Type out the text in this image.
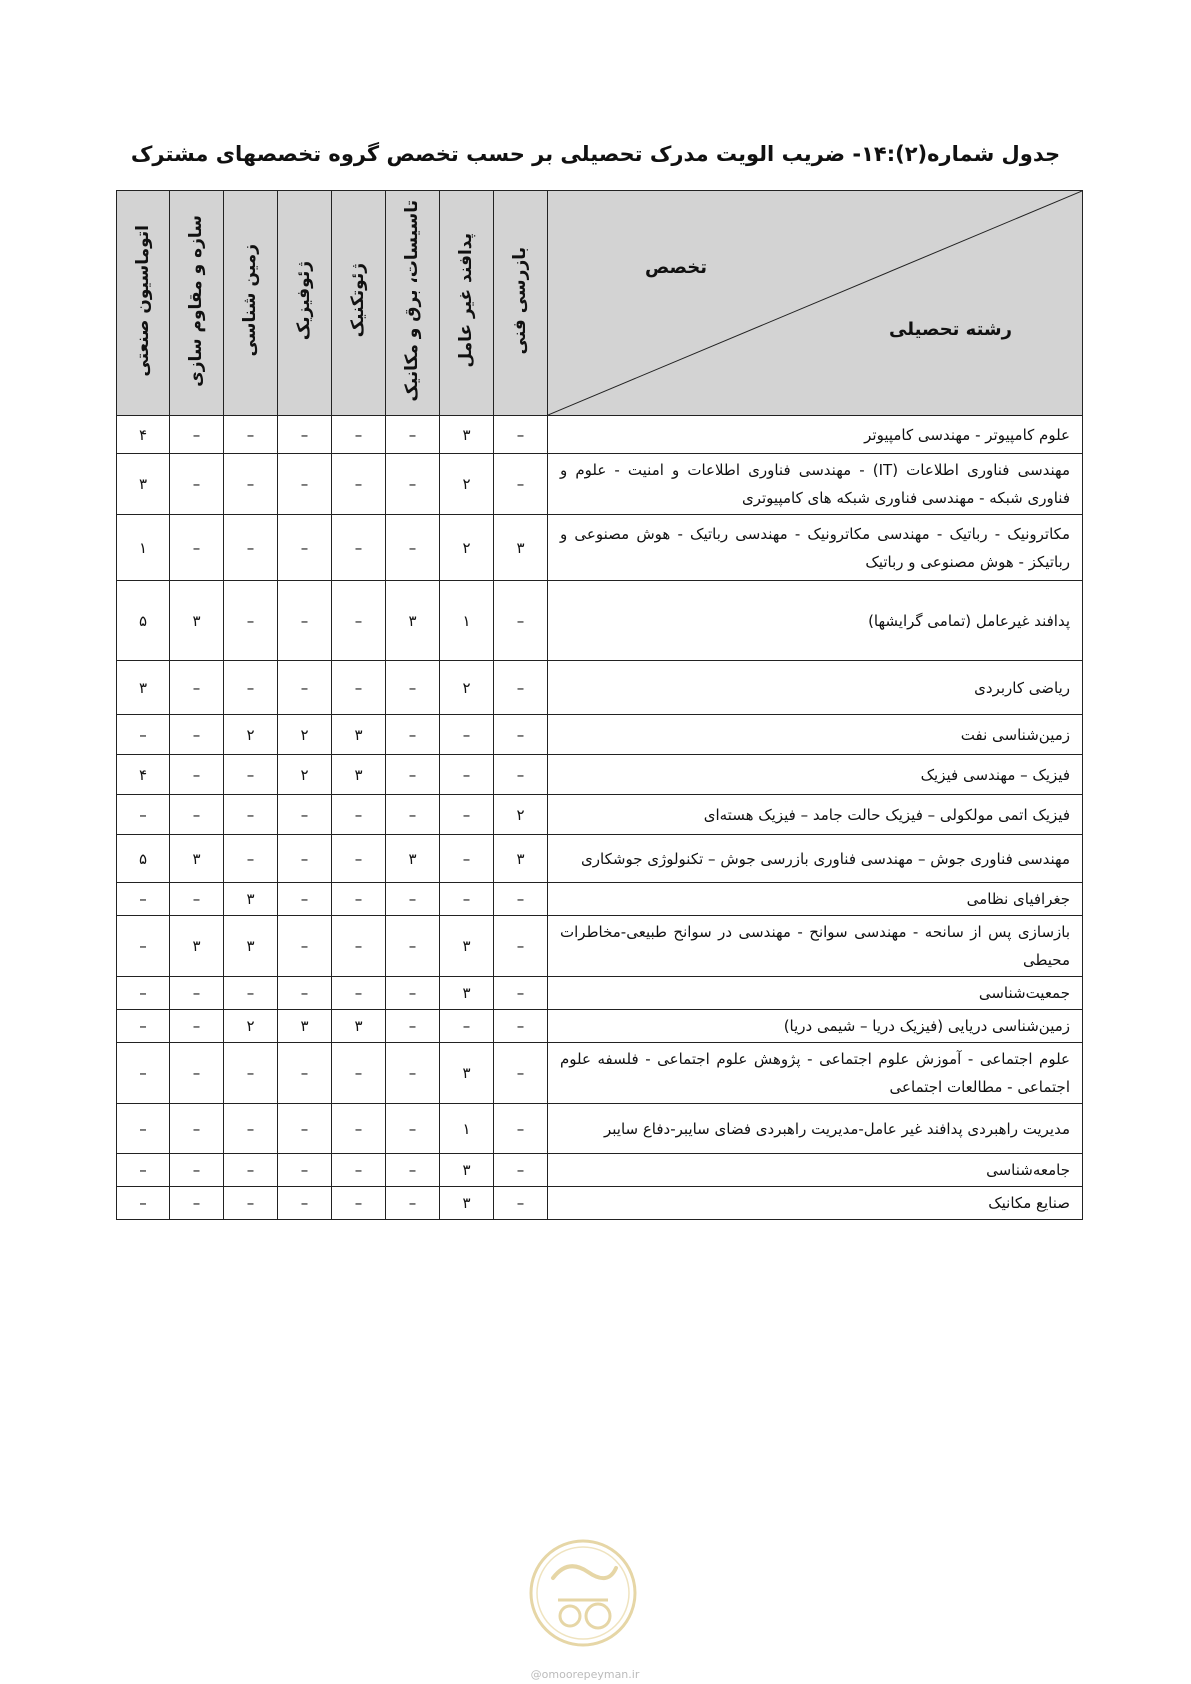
جدول شماره(۲):۱۴- ضریب الویت مدرک تحصیلی بر حسب تخصص گروه تخصصهای مشترک
تخصص
رشته تحصیلی	بازرسی فنی	پدافند غیر عامل	تاسیسات، برق و مکانیک	ژئوتکنیک	ژئوفیزیک	زمین شناسی	سازه و مقاوم سازی	اتوماسیون صنعتی
علوم کامپیوتر - مهندسی کامپیوتر	–	۳	–	–	–	–	–	۴
مهندسی فناوری اطلاعات (IT) - مهندسی فناوری اطلاعات و امنیت - علوم و فناوری شبکه - مهندسی فناوری شبکه های کامپیوتری	–	۲	–	–	–	–	–	۳
مکاترونیک - رباتیک - مهندسی مکاترونیک - مهندسی رباتیک - هوش مصنوعی و رباتیکز - هوش مصنوعی و رباتیک	۳	۲	–	–	–	–	–	۱
پدافند غیرعامل (تمامی گرایشها)	–	۱	۳	–	–	–	۳	۵
ریاضی کاربردی	–	۲	–	–	–	–	–	۳
زمین‌شناسی نفت	–	–	–	۳	۲	۲	–	–
فیزیک – مهندسی فیزیک	–	–	–	۳	۲	–	–	۴
فیزیک اتمی مولکولی – فیزیک حالت جامد – فیزیک هسته‌ای	۲	–	–	–	–	–	–	–
مهندسی فناوری جوش – مهندسی فناوری بازرسی جوش – تکنولوژی جوشکاری	۳	–	۳	–	–	–	۳	۵
جغرافیای نظامی	–	–	–	–	–	۳	–	–
بازسازی پس از سانحه - مهندسی سوانح - مهندسی در سوانح طبیعی-مخاطرات محیطی	–	۳	–	–	–	۳	۳	–
جمعیت‌شناسی	–	۳	–	–	–	–	–	–
زمین‌شناسی دریایی (فیزیک دریا – شیمی دریا)	–	–	–	۳	۳	۲	–	–
علوم اجتماعی - آموزش علوم اجتماعی - پژوهش علوم اجتماعی - فلسفه علوم اجتماعی - مطالعات اجتماعی	–	۳	–	–	–	–	–	–
مدیریت راهبردی پدافند غیر عامل-مدیریت راهبردی فضای سایبر-دفاع سایبر	–	۱	–	–	–	–	–	–
جامعه‌شناسی	–	۳	–	–	–	–	–	–
صنایع مکانیک	–	۳	–	–	–	–	–	–
@omoorepeyman.ir
